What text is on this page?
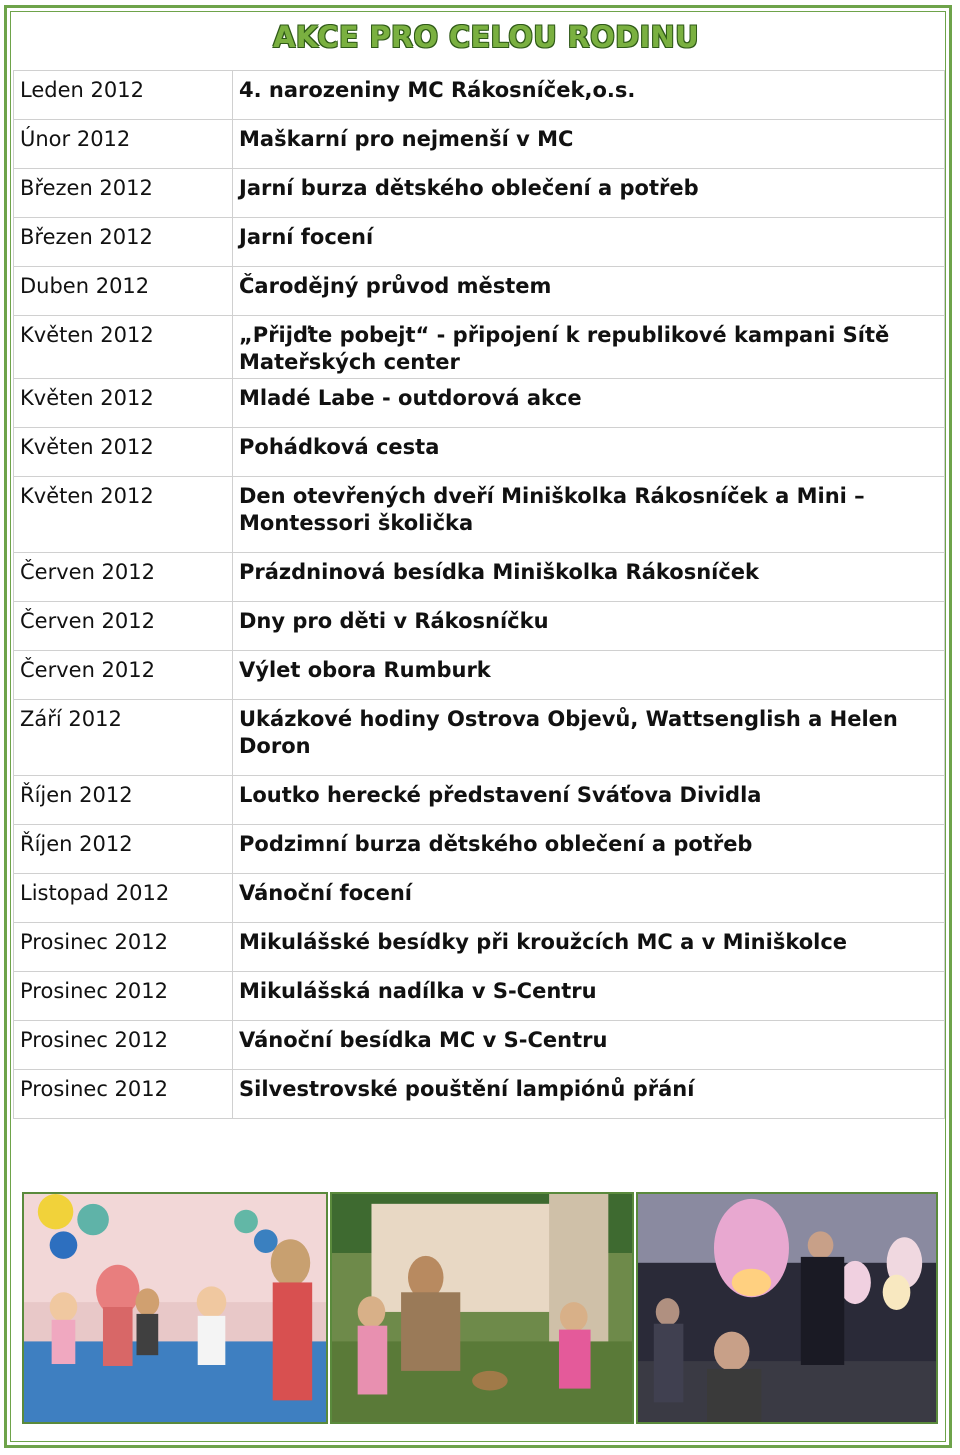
AKCE PRO CELOU RODINU
Leden 2012	4. narozeniny MC Rákosníček,o.s.
Únor 2012	Maškarní pro nejmenší v MC
Březen 2012	Jarní burza dětského oblečení a potřeb
Březen 2012	Jarní focení
Duben 2012	Čarodějný průvod městem
Květen 2012	„Přijďte pobejt“ - připojení k republikové kampani Sítě Mateřských center
Květen 2012	Mladé Labe - outdorová akce
Květen 2012	Pohádková cesta
Květen 2012	Den otevřených dveří Miniškolka Rákosníček a Mini – Montessori školička
Červen 2012	Prázdninová besídka Miniškolka Rákosníček
Červen 2012	Dny pro děti v Rákosníčku
Červen 2012	Výlet obora Rumburk
Září 2012	Ukázkové hodiny Ostrova Objevů, Wattsenglish a Helen Doron
Říjen 2012	Loutko herecké představení Sváťova Dividla
Říjen 2012	Podzimní burza dětského oblečení a potřeb
Listopad 2012	Vánoční focení
Prosinec 2012	Mikulášské besídky při kroužcích MC a v Miniškolce
Prosinec 2012	Mikulášská nadílka v S-Centru
Prosinec 2012	Vánoční besídka MC v S-Centru
Prosinec 2012	Silvestrovské pouštění lampiónů přání
